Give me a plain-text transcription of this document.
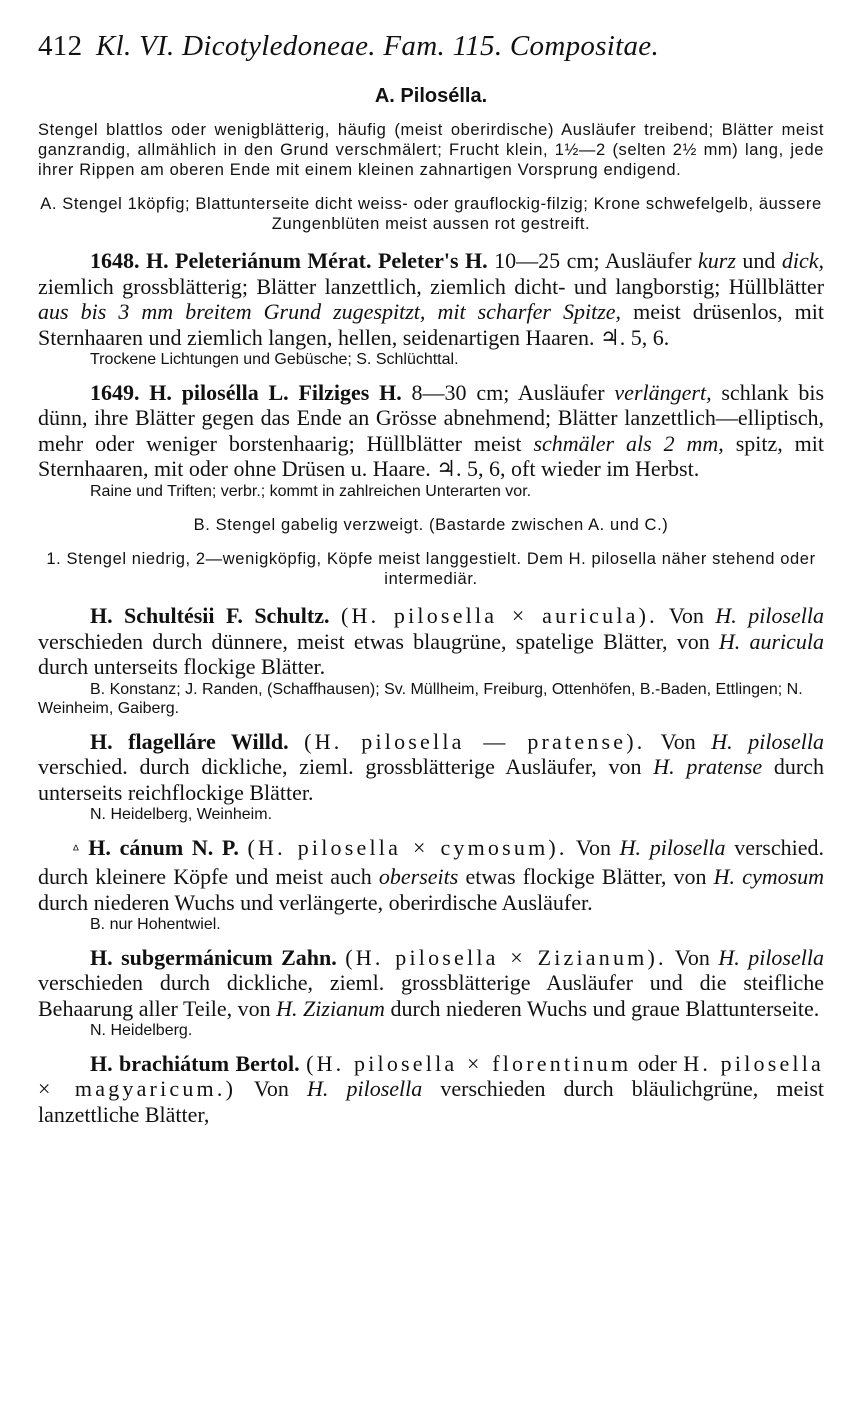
412 Kl. VI. Dicotyledoneae. Fam. 115. Compositae.
A. Pilosélla.

Stengel blattlos oder wenigblätterig, häufig (meist oberirdische) Ausläufer treibend; Blätter meist ganzrandig, allmählich in den Grund verschmälert; Frucht klein, 1½—2 (selten 2½ mm) lang, jede ihrer Rippen am oberen Ende mit einem kleinen zahnartigen Vorsprung endigend.

A. Stengel 1köpfig; Blattunterseite dicht weiss- oder grauflockig-filzig; Krone schwefelgelb, äussere Zungenblüten meist aussen rot gestreift.

1648. H. Peleteriánum Mérat. Peleter's H. 10—25 cm; Ausläufer kurz und dick, ziemlich grossblätterig; Blätter lanzettlich, ziemlich dicht- und langborstig; Hüllblätter aus bis 3 mm breitem Grund zugespitzt, mit scharfer Spitze, meist drüsenlos, mit Sternhaaren und ziemlich langen, hellen, seidenartigen Haaren. ♃. 5, 6.

Trockene Lichtungen und Gebüsche; S. Schlüchttal.

1649. H. pilosélla L. Filziges H. 8—30 cm; Ausläufer verlängert, schlank bis dünn, ihre Blätter gegen das Ende an Grösse abnehmend; Blätter lanzettlich—elliptisch, mehr oder weniger borstenhaarig; Hüllblätter meist schmäler als 2 mm, spitz, mit Sternhaaren, mit oder ohne Drüsen u. Haare. ♃. 5, 6, oft wieder im Herbst.

Raine und Triften; verbr.; kommt in zahlreichen Unterarten vor.

B. Stengel gabelig verzweigt. (Bastarde zwischen A. und C.)

1. Stengel niedrig, 2—wenigköpfig, Köpfe meist langgestielt. Dem H. pilosella näher stehend oder intermediär.

H. Schultésii F. Schultz. (H. pilosella × auricula). Von H. pilosella verschieden durch dünnere, meist etwas blaugrüne, spatelige Blätter, von H. auricula durch unterseits flockige Blätter.

B. Konstanz; J. Randen, (Schaffhausen); Sv. Müllheim, Freiburg, Ottenhöfen, B.-Baden, Ettlingen; N. Weinheim, Gaiberg.

H. flagelláre Willd. (H. pilosella — pratense). Von H. pilosella verschied. durch dickliche, zieml. grossblätterige Ausläufer, von H. pratense durch unterseits reichflockige Blätter.

N. Heidelberg, Weinheim.

ᐞ H. cánum N. P. (H. pilosella × cymosum). Von H. pilosella verschied. durch kleinere Köpfe und meist auch oberseits etwas flockige Blätter, von H. cymosum durch niederen Wuchs und verlängerte, oberirdische Ausläufer.

B. nur Hohentwiel.

H. subgermánicum Zahn. (H. pilosella × Zizianum). Von H. pilosella verschieden durch dickliche, zieml. grossblätterige Ausläufer und die steifliche Behaarung aller Teile, von H. Zizianum durch niederen Wuchs und graue Blattunterseite.

N. Heidelberg.

H. brachiátum Bertol. (H. pilosella × florentinum oder H. pilosella × magyaricum.) Von H. pilosella verschieden durch bläulichgrüne, meist lanzettliche Blätter,
